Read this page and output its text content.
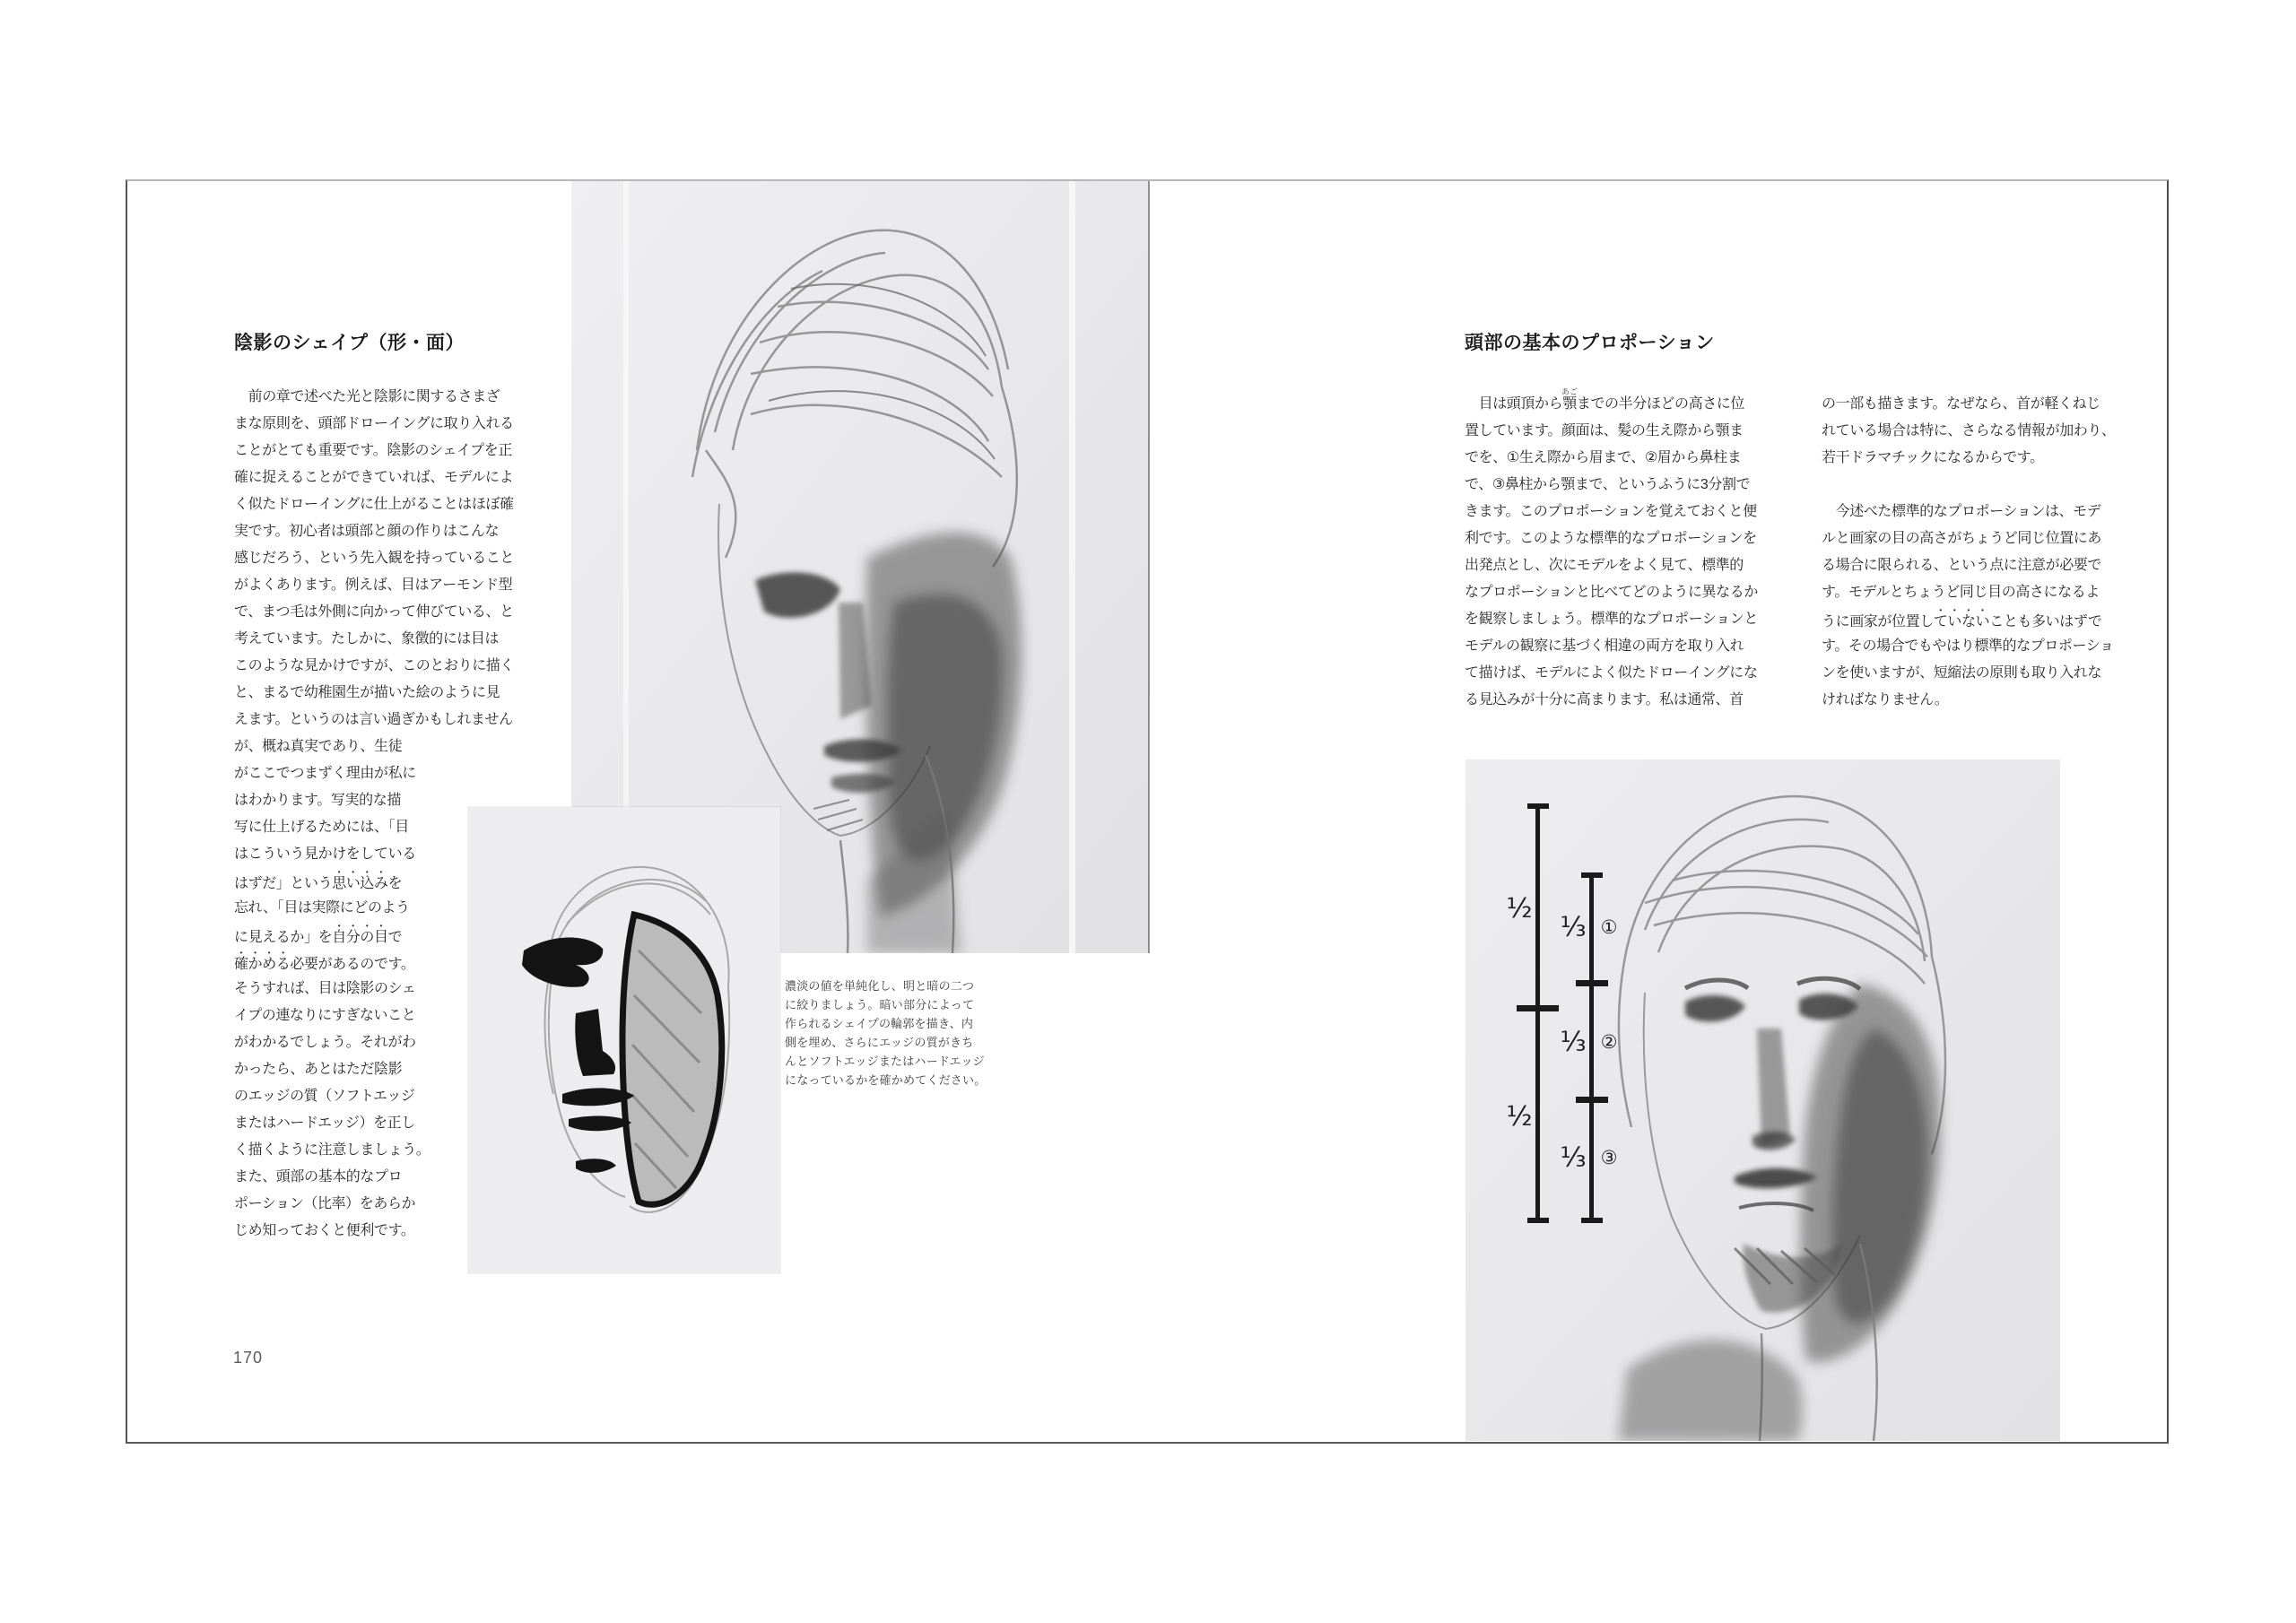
陰影のシェイプ（形・面）
　前の章で述べた光と陰影に関するさまざ
まな原則を、頭部ドローイングに取り入れる
ことがとても重要です。陰影のシェイプを正
確に捉えることができていれば、モデルによ
く似たドローイングに仕上がることはほぼ確
実です。初心者は頭部と顔の作りはこんな
感じだろう、という先入観を持っていること
がよくあります。例えば、目はアーモンド型
で、まつ毛は外側に向かって伸びている、と
考えています。たしかに、象徴的には目は
このような見かけですが、このとおりに描く
と、まるで幼稚園生が描いた絵のように見
えます。というのは言い過ぎかもしれません
が、概ね真実であり、生徒
がここでつまずく理由が私に
はわかります。写実的な描
写に仕上げるためには、「目
はこういう見かけをしている
はずだ」という思い込みを
忘れ、「目は実際にどのよう
に見えるか」を自分の目で
確かめる必要があるのです。
そうすれば、目は陰影のシェ
イプの連なりにすぎないこと
がわかるでしょう。それがわ
かったら、あとはただ陰影
のエッジの質（ソフトエッジ
またはハードエッジ）を正し
く描くように注意しましょう。
また、頭部の基本的なプロ
ポーション（比率）をあらか
じめ知っておくと便利です。
濃淡の値を単純化し、明と暗の二つ
に絞りましょう。暗い部分によって
作られるシェイプの輪郭を描き、内
側を埋め、さらにエッジの質がきち
んとソフトエッジまたはハードエッジ
になっているかを確かめてください。
170
頭部の基本のプロポーション
　目は頭頂から顎
あご
までの半分ほどの高さに位
置しています。顔面は、髪の生え際から顎ま
でを、①生え際から眉まで、②眉から鼻柱ま
で、③鼻柱から顎まで、というふうに3分割で
きます。このプロポーションを覚えておくと便
利です。このような標準的なプロポーションを
出発点とし、次にモデルをよく見て、標準的
なプロポーションと比べてどのように異なるか
を観察しましょう。標準的なプロポーションと
モデルの観察に基づく相違の両方を取り入れ
て描けば、モデルによく似たドローイングにな
る見込みが十分に高まります。私は通常、首
の一部も描きます。なぜなら、首が軽くねじ
れている場合は特に、さらなる情報が加わり、
若干ドラマチックになるからです。

　今述べた標準的なプロポーションは、モデ
ルと画家の目の高さがちょうど同じ位置にあ
る場合に限られる、という点に注意が必要で
す。モデルとちょうど同じ目の高さになるよ
うに画家が位置していないことも多いはずで
す。その場合でもやはり標準的なプロポーショ
ンを使いますが、短縮法の原則も取り入れな
ければなりません。
½
½
⅓
⅓
⅓
①
②
③
